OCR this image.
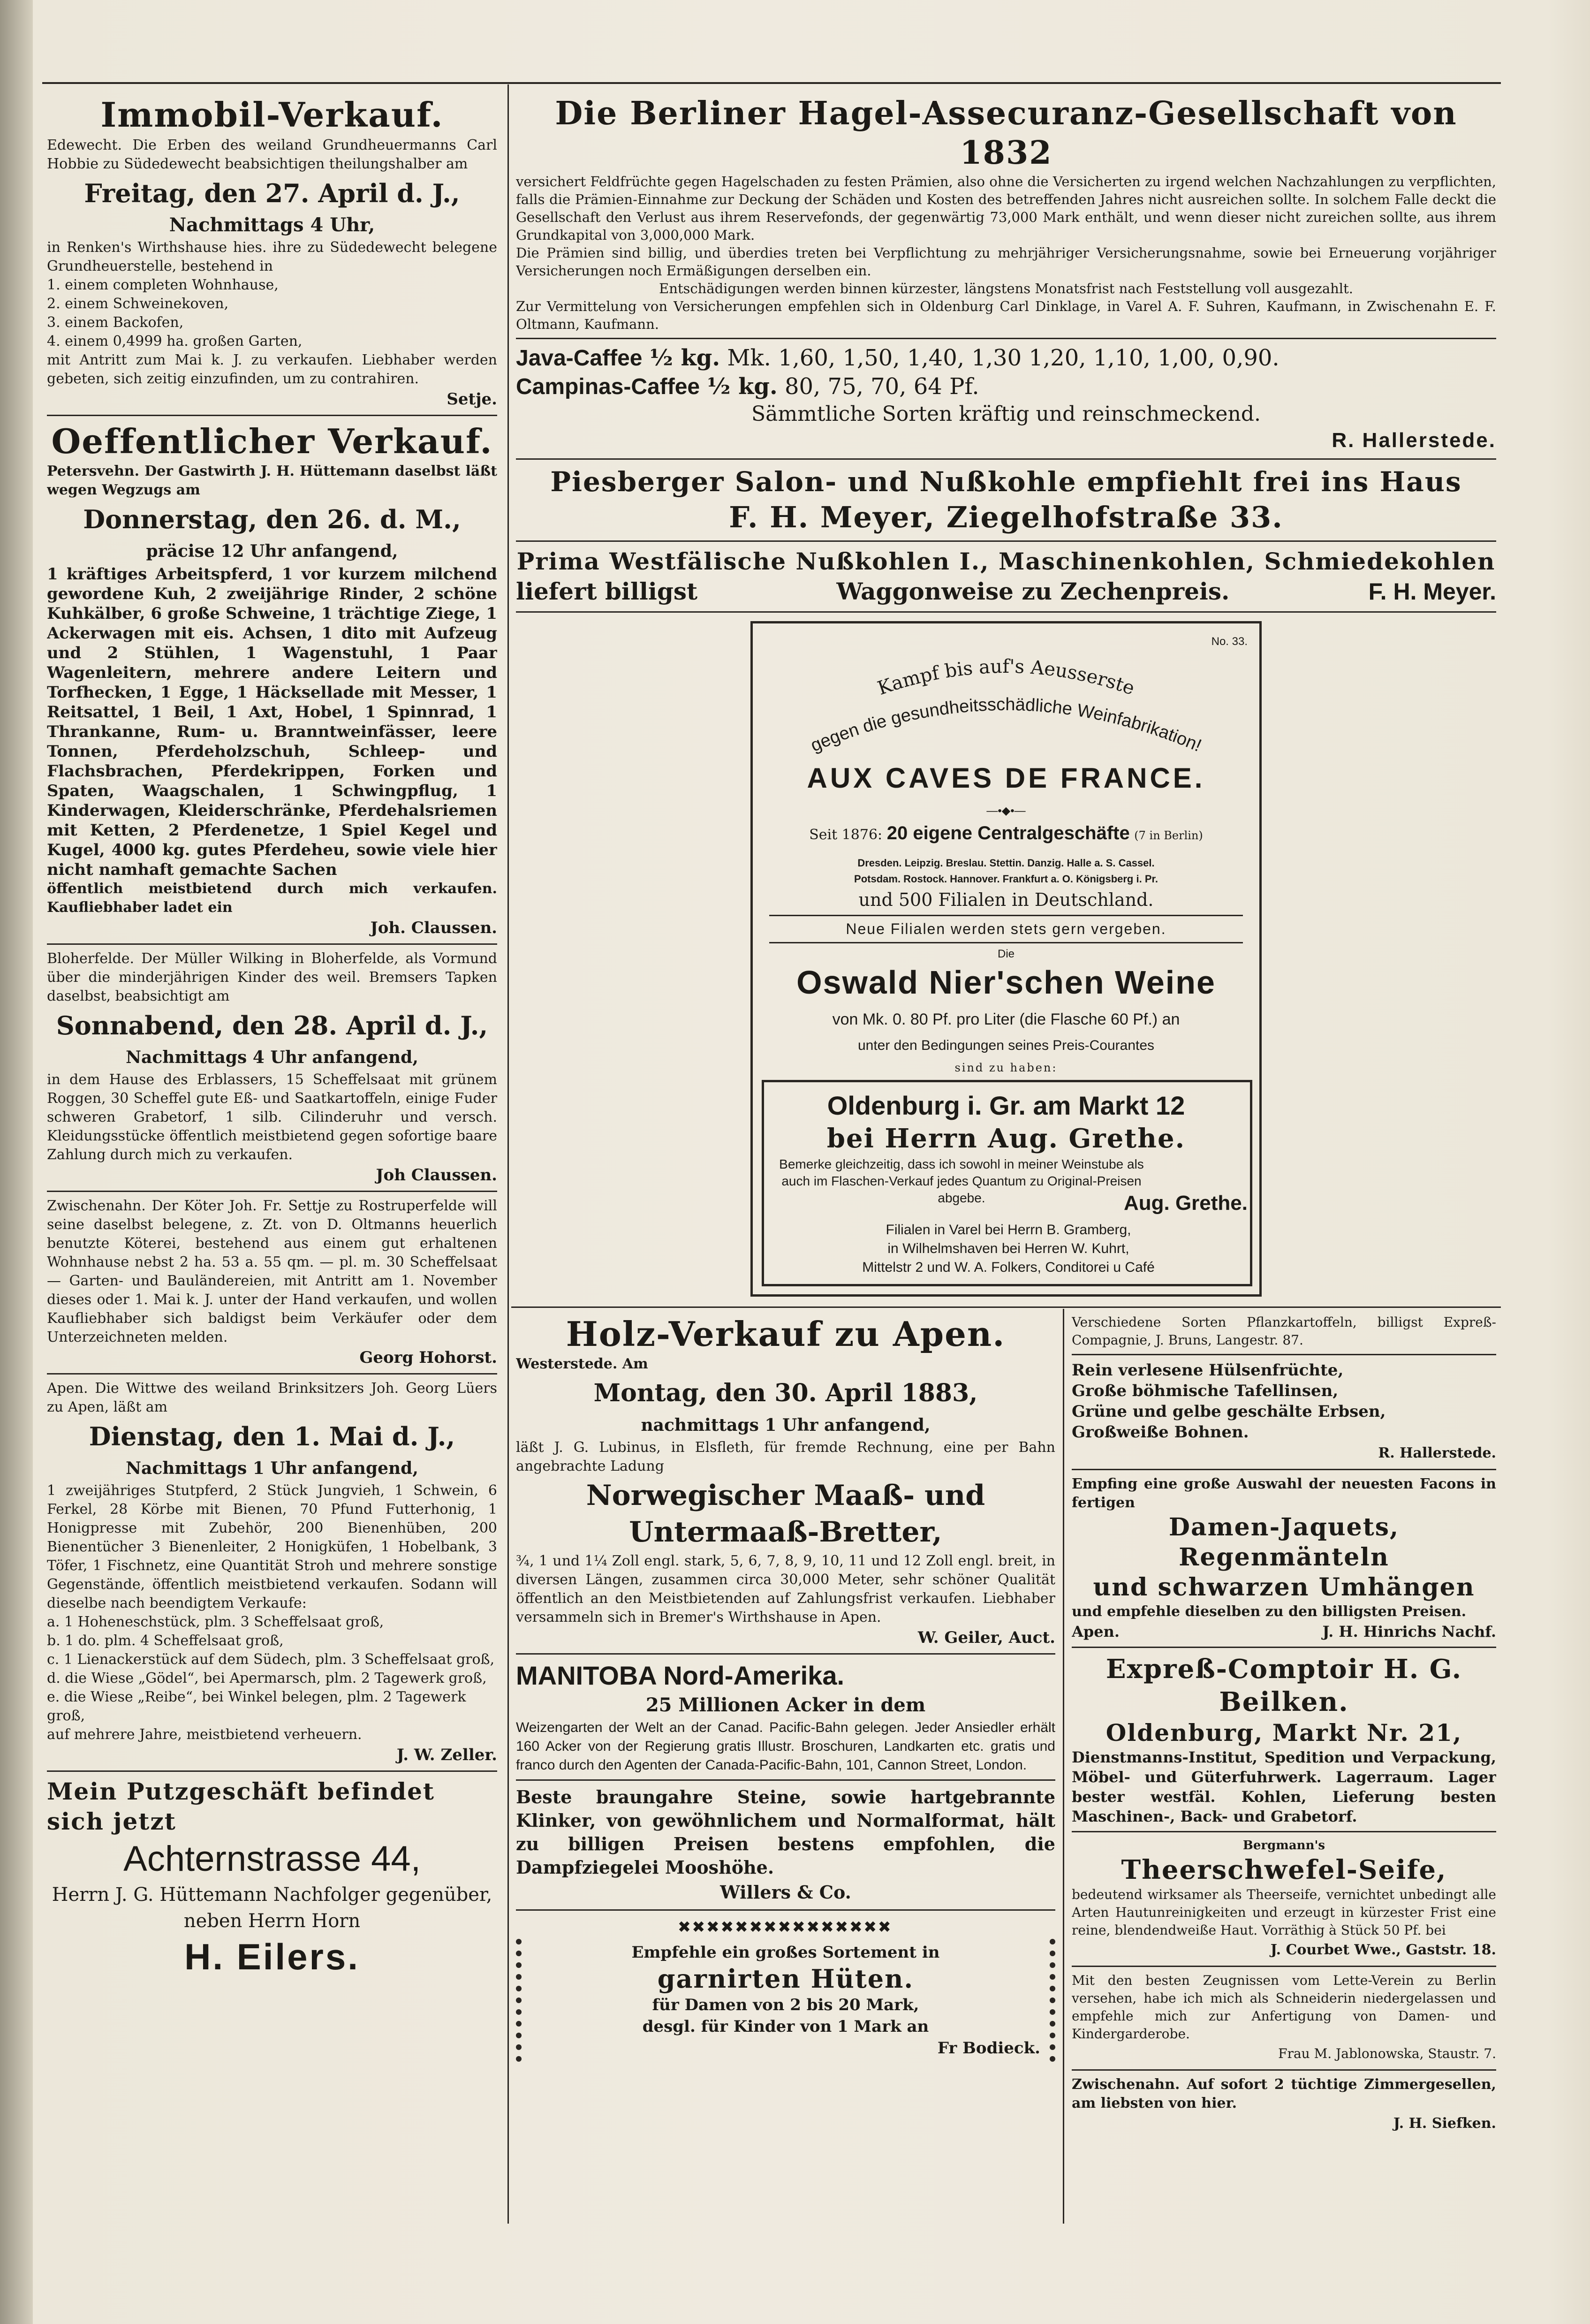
Immobil-Verkauf.

Edewecht. Die Erben des weiland Grundheuermanns Carl Hobbie zu Südedewecht beabsichtigen theilungshalber am

Freitag, den 27. April d. J.,
Nachmittags 4 Uhr,

in Renken's Wirthshause hies. ihre zu Südedewecht belegene Grundheuerstelle, bestehend in

1. einem completen Wohnhause,

2. einem Schweinekoven,

3. einem Backofen,

4. einem 0,4999 ha. großen Garten,

mit Antritt zum Mai k. J. zu verkaufen. Liebhaber werden gebeten, sich zeitig einzufinden, um zu contrahiren.

Setje.

Oeffentlicher Verkauf.

Petersvehn. Der Gastwirth J. H. Hüttemann daselbst läßt wegen Wegzugs am

Donnerstag, den 26. d. M.,
präcise 12 Uhr anfangend,

1 kräftiges Arbeitspferd, 1 vor kurzem milchend gewordene Kuh, 2 zweijährige Rinder, 2 schöne Kuhkälber, 6 große Schweine, 1 trächtige Ziege, 1 Ackerwagen mit eis. Achsen, 1 dito mit Aufzeug und 2 Stühlen, 1 Wagenstuhl, 1 Paar Wagenleitern, mehrere andere Leitern und Torfhecken, 1 Egge, 1 Häcksellade mit Messer, 1 Reitsattel, 1 Beil, 1 Axt, Hobel, 1 Spinnrad, 1 Thrankanne, Rum- u. Branntweinfässer, leere Tonnen, Pferdeholzschuh, Schleep- und Flachsbrachen, Pferdekrippen, Forken und Spaten, Waagschalen, 1 Schwingpflug, 1 Kinderwagen, Kleiderschränke, Pferdehalsriemen mit Ketten, 2 Pferdenetze, 1 Spiel Kegel und Kugel, 4000 kg. gutes Pferdeheu, sowie viele hier nicht namhaft gemachte Sachen

öffentlich meistbietend durch mich verkaufen. Kaufliebhaber ladet ein

Joh. Claussen.

Bloherfelde. Der Müller Wilking in Bloherfelde, als Vormund über die minderjährigen Kinder des weil. Bremsers Tapken daselbst, beabsichtigt am

Sonnabend, den 28. April d. J.,
Nachmittags 4 Uhr anfangend,

in dem Hause des Erblassers, 15 Scheffelsaat mit grünem Roggen, 30 Scheffel gute Eß- und Saatkartoffeln, einige Fuder schweren Grabetorf, 1 silb. Cilinderuhr und versch. Kleidungsstücke öffentlich meistbietend gegen sofortige baare Zahlung durch mich zu verkaufen.

Joh Claussen.

Zwischenahn. Der Köter Joh. Fr. Settje zu Rostruperfelde will seine daselbst belegene, z. Zt. von D. Oltmanns heuerlich benutzte Köterei, bestehend aus einem gut erhaltenen Wohnhause nebst 2 ha. 53 a. 55 qm. — pl. m. 30 Scheffelsaat — Garten- und Bauländereien, mit Antritt am 1. November dieses oder 1. Mai k. J. unter der Hand verkaufen, und wollen Kaufliebhaber sich baldigst beim Verkäufer oder dem Unterzeichneten melden.

Georg Hohorst.

Apen. Die Wittwe des weiland Brinksitzers Joh. Georg Lüers zu Apen, läßt am

Dienstag, den 1. Mai d. J.,
Nachmittags 1 Uhr anfangend,

1 zweijähriges Stutpferd, 2 Stück Jungvieh, 1 Schwein, 6 Ferkel, 28 Körbe mit Bienen, 70 Pfund Futterhonig, 1 Honigpresse mit Zubehör, 200 Bienenhüben, 200 Bienentücher 3 Bienenleiter, 2 Honigküfen, 1 Hobelbank, 3 Töfer, 1 Fischnetz, eine Quantität Stroh und mehrere sonstige Gegenstände, öffentlich meistbietend verkaufen. Sodann will dieselbe nach beendigtem Verkaufe:

a. 1 Hoheneschstück, plm. 3 Scheffelsaat groß,

b. 1 do. plm. 4 Scheffelsaat groß,

c. 1 Lienackerstück auf dem Südech, plm. 3 Scheffelsaat groß,

d. die Wiese „Gödel“, bei Apermarsch, plm. 2 Tagewerk groß,

e. die Wiese „Reibe“, bei Winkel belegen, plm. 2 Tagewerk groß,

auf mehrere Jahre, meistbietend verheuern.

J. W. Zeller.

Mein Putzgeschäft befindet sich jetzt
Achternstrasse 44,
Herrn J. G. Hüttemann Nachfolger gegenüber, neben Herrn Horn
H. Eilers.
Die Berliner Hagel-Assecuranz-Gesellschaft von 1832

versichert Feldfrüchte gegen Hagelschaden zu festen Prämien, also ohne die Versicherten zu irgend welchen Nachzahlungen zu verpflichten, falls die Prämien-Einnahme zur Deckung der Schäden und Kosten des betreffenden Jahres nicht ausreichen sollte. In solchem Falle deckt die Gesellschaft den Verlust aus ihrem Reservefonds, der gegenwärtig 73,000 Mark enthält, und wenn dieser nicht zureichen sollte, aus ihrem Grundkapital von 3,000,000 Mark.

Die Prämien sind billig, und überdies treten bei Verpflichtung zu mehrjähriger Versicherungsnahme, sowie bei Erneuerung vorjähriger Versicherungen noch Ermäßigungen derselben ein.

Entschädigungen werden binnen kürzester, längstens Monatsfrist nach Feststellung voll ausgezahlt.

Zur Vermittelung von Versicherungen empfehlen sich in Oldenburg Carl Dinklage, in Varel A. F. Suhren, Kaufmann, in Zwischenahn E. F. Oltmann, Kaufmann.

Java-Caffee ½ kg. Mk. 1,60, 1,50, 1,40, 1,30 1,20, 1,10, 1,00, 0,90.
Campinas-Caffee ½ kg. 80, 75, 70, 64 Pf.
Sämmtliche Sorten kräftig und reinschmeckend.
R. Hallerstede.
Piesberger Salon- und Nußkohle empfiehlt frei ins Haus
F. H. Meyer, Ziegelhofstraße 33.
Prima Westfälische Nußkohlen I., Maschinenkohlen, Schmiedekohlen
liefert billigst	Waggonweise zu Zechenpreis.	F. H. Meyer.
No. 33.
Kampf bis auf's Aeusserste
gegen die gesundheitsschädliche Weinfabrikation!
AUX CAVES DE FRANCE.
—•◆•—
Seit 1876: 20 eigene Centralgeschäfte (7 in Berlin)
Dresden. Leipzig. Breslau. Stettin. Danzig. Halle a. S. Cassel.
Potsdam. Rostock. Hannover. Frankfurt a. O. Königsberg i. Pr.
und 500 Filialen in Deutschland.
Neue Filialen werden stets gern vergeben.
Die
Oswald Nier'schen Weine
von Mk. 0. 80 Pf. pro Liter (die Flasche 60 Pf.) an
unter den Bedingungen seines Preis-Courantes
sind zu haben:
Oldenburg i. Gr. am Markt 12
bei Herrn Aug. Grethe.
Bemerke gleichzeitig, dass ich sowohl in meiner Weinstube als auch im Flaschen-Verkauf jedes Quantum zu Original-Preisen abgebe.	Aug. Grethe.
Filialen in Varel bei Herrn B. Gramberg,
in Wilhelmshaven bei Herren W. Kuhrt,
Mittelstr 2 und W. A. Folkers, Conditorei u Café
Holz-Verkauf zu Apen.

Westerstede. Am

Montag, den 30. April 1883,
nachmittags 1 Uhr anfangend,

läßt J. G. Lubinus, in Elsfleth, für fremde Rechnung, eine per Bahn angebrachte Ladung

Norwegischer Maaß- und
Untermaaß-Bretter,

¾, 1 und 1¼ Zoll engl. stark, 5, 6, 7, 8, 9, 10, 11 und 12 Zoll engl. breit, in diversen Längen, zusammen circa 30,000 Meter, sehr schöner Qualität öffentlich an den Meistbietenden auf Zahlungsfrist verkaufen. Liebhaber versammeln sich in Bremer's Wirthshause in Apen.

W. Geiler, Auct.

MANITOBA Nord-Amerika.
25 Millionen Acker in dem

Weizengarten der Welt an der Canad. Pacific-Bahn gelegen. Jeder Ansiedler erhält 160 Acker von der Regierung gratis Illustr. Broschuren, Landkarten etc. gratis und franco durch den Agenten der Canada-Pacific-Bahn, 101, Cannon Street, London.

Beste braungahre Steine, sowie hartgebrannte Klinker, von gewöhnlichem und Normalformat, hält zu billigen Preisen bestens empfohlen, die Dampfziegelei Mooshöhe.

Willers & Co.
✖✖✖✖✖✖✖✖✖✖✖✖✖✖✖
Empfehle ein großes Sortement in
garnirten Hüten.
für Damen von 2 bis 20 Mark,
desgl. für Kinder von 1 Mark an
Fr Bodieck.

Verschiedene Sorten Pflanzkartoffeln, billigst Expreß-Compagnie, J. Bruns, Langestr. 87.

Rein verlesene Hülsenfrüchte,

Große böhmische Tafellinsen,

Grüne und gelbe geschälte Erbsen,

Großweiße Bohnen.

R. Hallerstede.

Empfing eine große Auswahl der neuesten Facons in fertigen

Damen-Jaquets, Regenmänteln
und schwarzen Umhängen

und empfehle dieselben zu den billigsten Preisen.

Apen.	J. H. Hinrichs Nachf.
Expreß-Comptoir H. G. Beilken.
Oldenburg, Markt Nr. 21,

Dienstmanns-Institut, Spedition und Verpackung, Möbel- und Güterfuhrwerk. Lagerraum. Lager bester westfäl. Kohlen, Lieferung besten Maschinen-, Back- und Grabetorf.

Bergmann's
Theerschwefel-Seife,

bedeutend wirksamer als Theerseife, vernichtet unbedingt alle Arten Hautunreinigkeiten und erzeugt in kürzester Frist eine reine, blendendweiße Haut. Vorräthig à Stück 50 Pf. bei

J. Courbet Wwe., Gaststr. 18.

Mit den besten Zeugnissen vom Lette-Verein zu Berlin versehen, habe ich mich als Schneiderin niedergelassen und empfehle mich zur Anfertigung von Damen- und Kindergarderobe.

Frau M. Jablonowska, Staustr. 7.

Zwischenahn. Auf sofort 2 tüchtige Zimmergesellen, am liebsten von hier.

J. H. Siefken.
